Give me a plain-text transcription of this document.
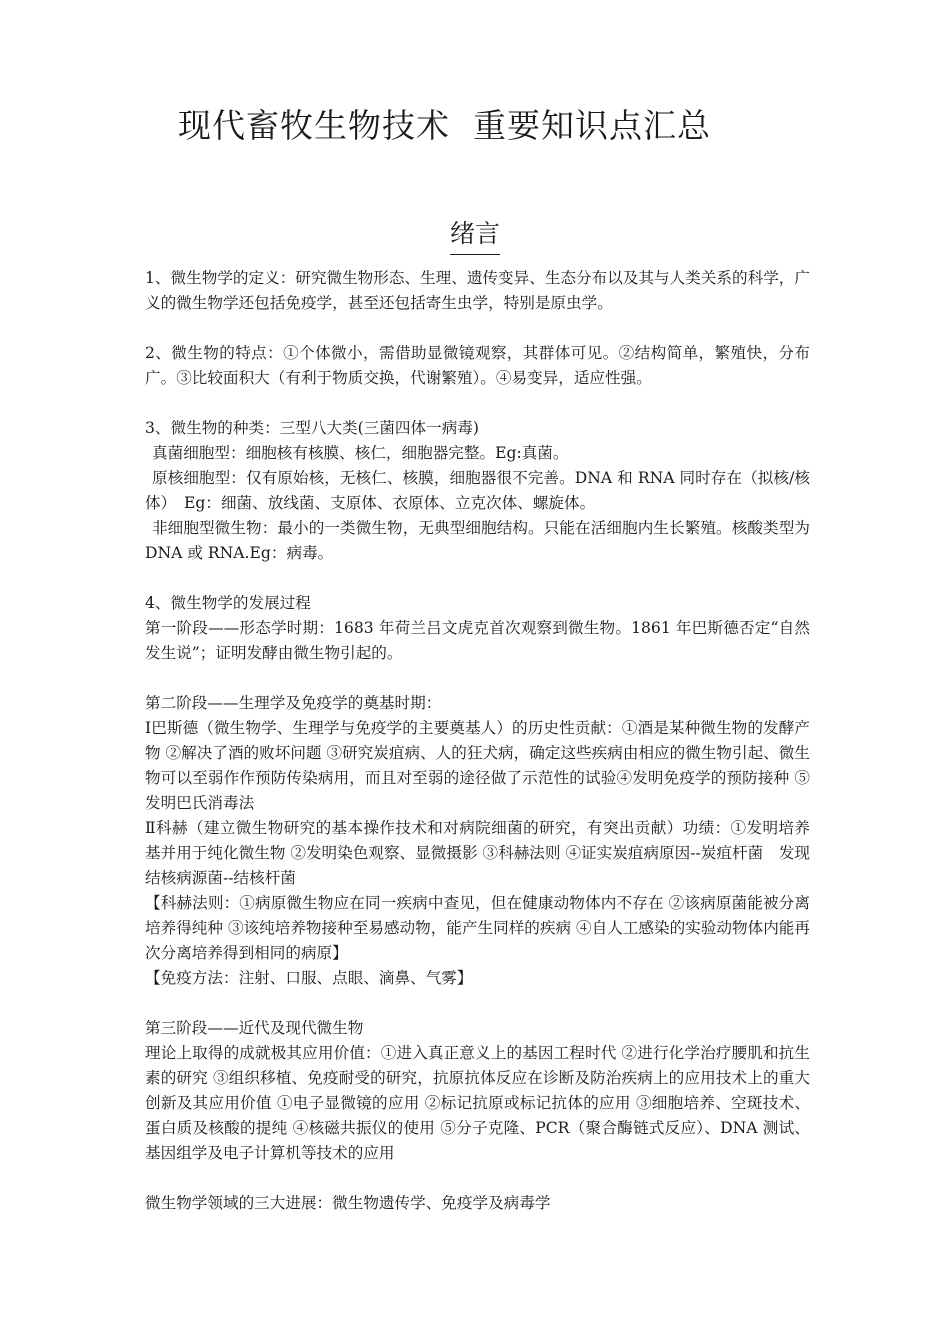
现代畜牧生物技术  重要知识点汇总
绪言

1、微生物学的定义：研究微生物形态、生理、遗传变异、生态分布以及其与人类关系的科学，广义的微生物学还包括免疫学，甚至还包括寄生虫学，特别是原虫学。

2、微生物的特点：①个体微小，需借助显微镜观察，其群体可见。②结构简单，繁殖快，分布广。③比较面积大（有利于物质交换，代谢繁殖）。④易变异，适应性强。

3、微生物的种类：三型八大类(三菌四体一病毒)

真菌细胞型：细胞核有核膜、核仁，细胞器完整。Eg:真菌。

原核细胞型：仅有原始核，无核仁、核膜，细胞器很不完善。DNA 和 RNA 同时存在（拟核/核体）　Eg：细菌、放线菌、支原体、衣原体、立克次体、螺旋体。

非细胞型微生物：最小的一类微生物，无典型细胞结构。只能在活细胞内生长繁殖。核酸类型为 DNA 或 RNA.Eg：病毒。

4、微生物学的发展过程

第一阶段——形态学时期：1683 年荷兰吕文虎克首次观察到微生物。1861 年巴斯德否定“自然发生说”；证明发酵由微生物引起的。

第二阶段——生理学及免疫学的奠基时期：

Ⅰ巴斯德（微生物学、生理学与免疫学的主要奠基人）的历史性贡献：①酒是某种微生物的发酵产物 ②解决了酒的败坏问题 ③研究炭疽病、人的狂犬病，确定这些疾病由相应的微生物引起、微生物可以至弱作作预防传染病用，而且对至弱的途径做了示范性的试验④发明免疫学的预防接种 ⑤发明巴氏消毒法

Ⅱ科赫（建立微生物研究的基本操作技术和对病院细菌的研究，有突出贡献）功绩：①发明培养基并用于纯化微生物 ②发明染色观察、显微摄影 ③科赫法则 ④证实炭疽病原因--炭疽杆菌　发现结核病源菌--结核杆菌

【科赫法则：①病原微生物应在同一疾病中查见，但在健康动物体内不存在 ②该病原菌能被分离培养得纯种 ③该纯培养物接种至易感动物，能产生同样的疾病 ④自人工感染的实验动物体内能再次分离培养得到相同的病原】

【免疫方法：注射、口服、点眼、滴鼻、气雾】

第三阶段——近代及现代微生物

理论上取得的成就极其应用价值：①进入真正意义上的基因工程时代 ②进行化学治疗腰肌和抗生素的研究 ③组织移植、免疫耐受的研究，抗原抗体反应在诊断及防治疾病上的应用技术上的重大创新及其应用价值 ①电子显微镜的应用 ②标记抗原或标记抗体的应用 ③细胞培养、空斑技术、蛋白质及核酸的提纯 ④核磁共振仪的使用 ⑤分子克隆、PCR（聚合酶链式反应）、DNA 测试、基因组学及电子计算机等技术的应用

微生物学领域的三大进展：微生物遗传学、免疫学及病毒学
